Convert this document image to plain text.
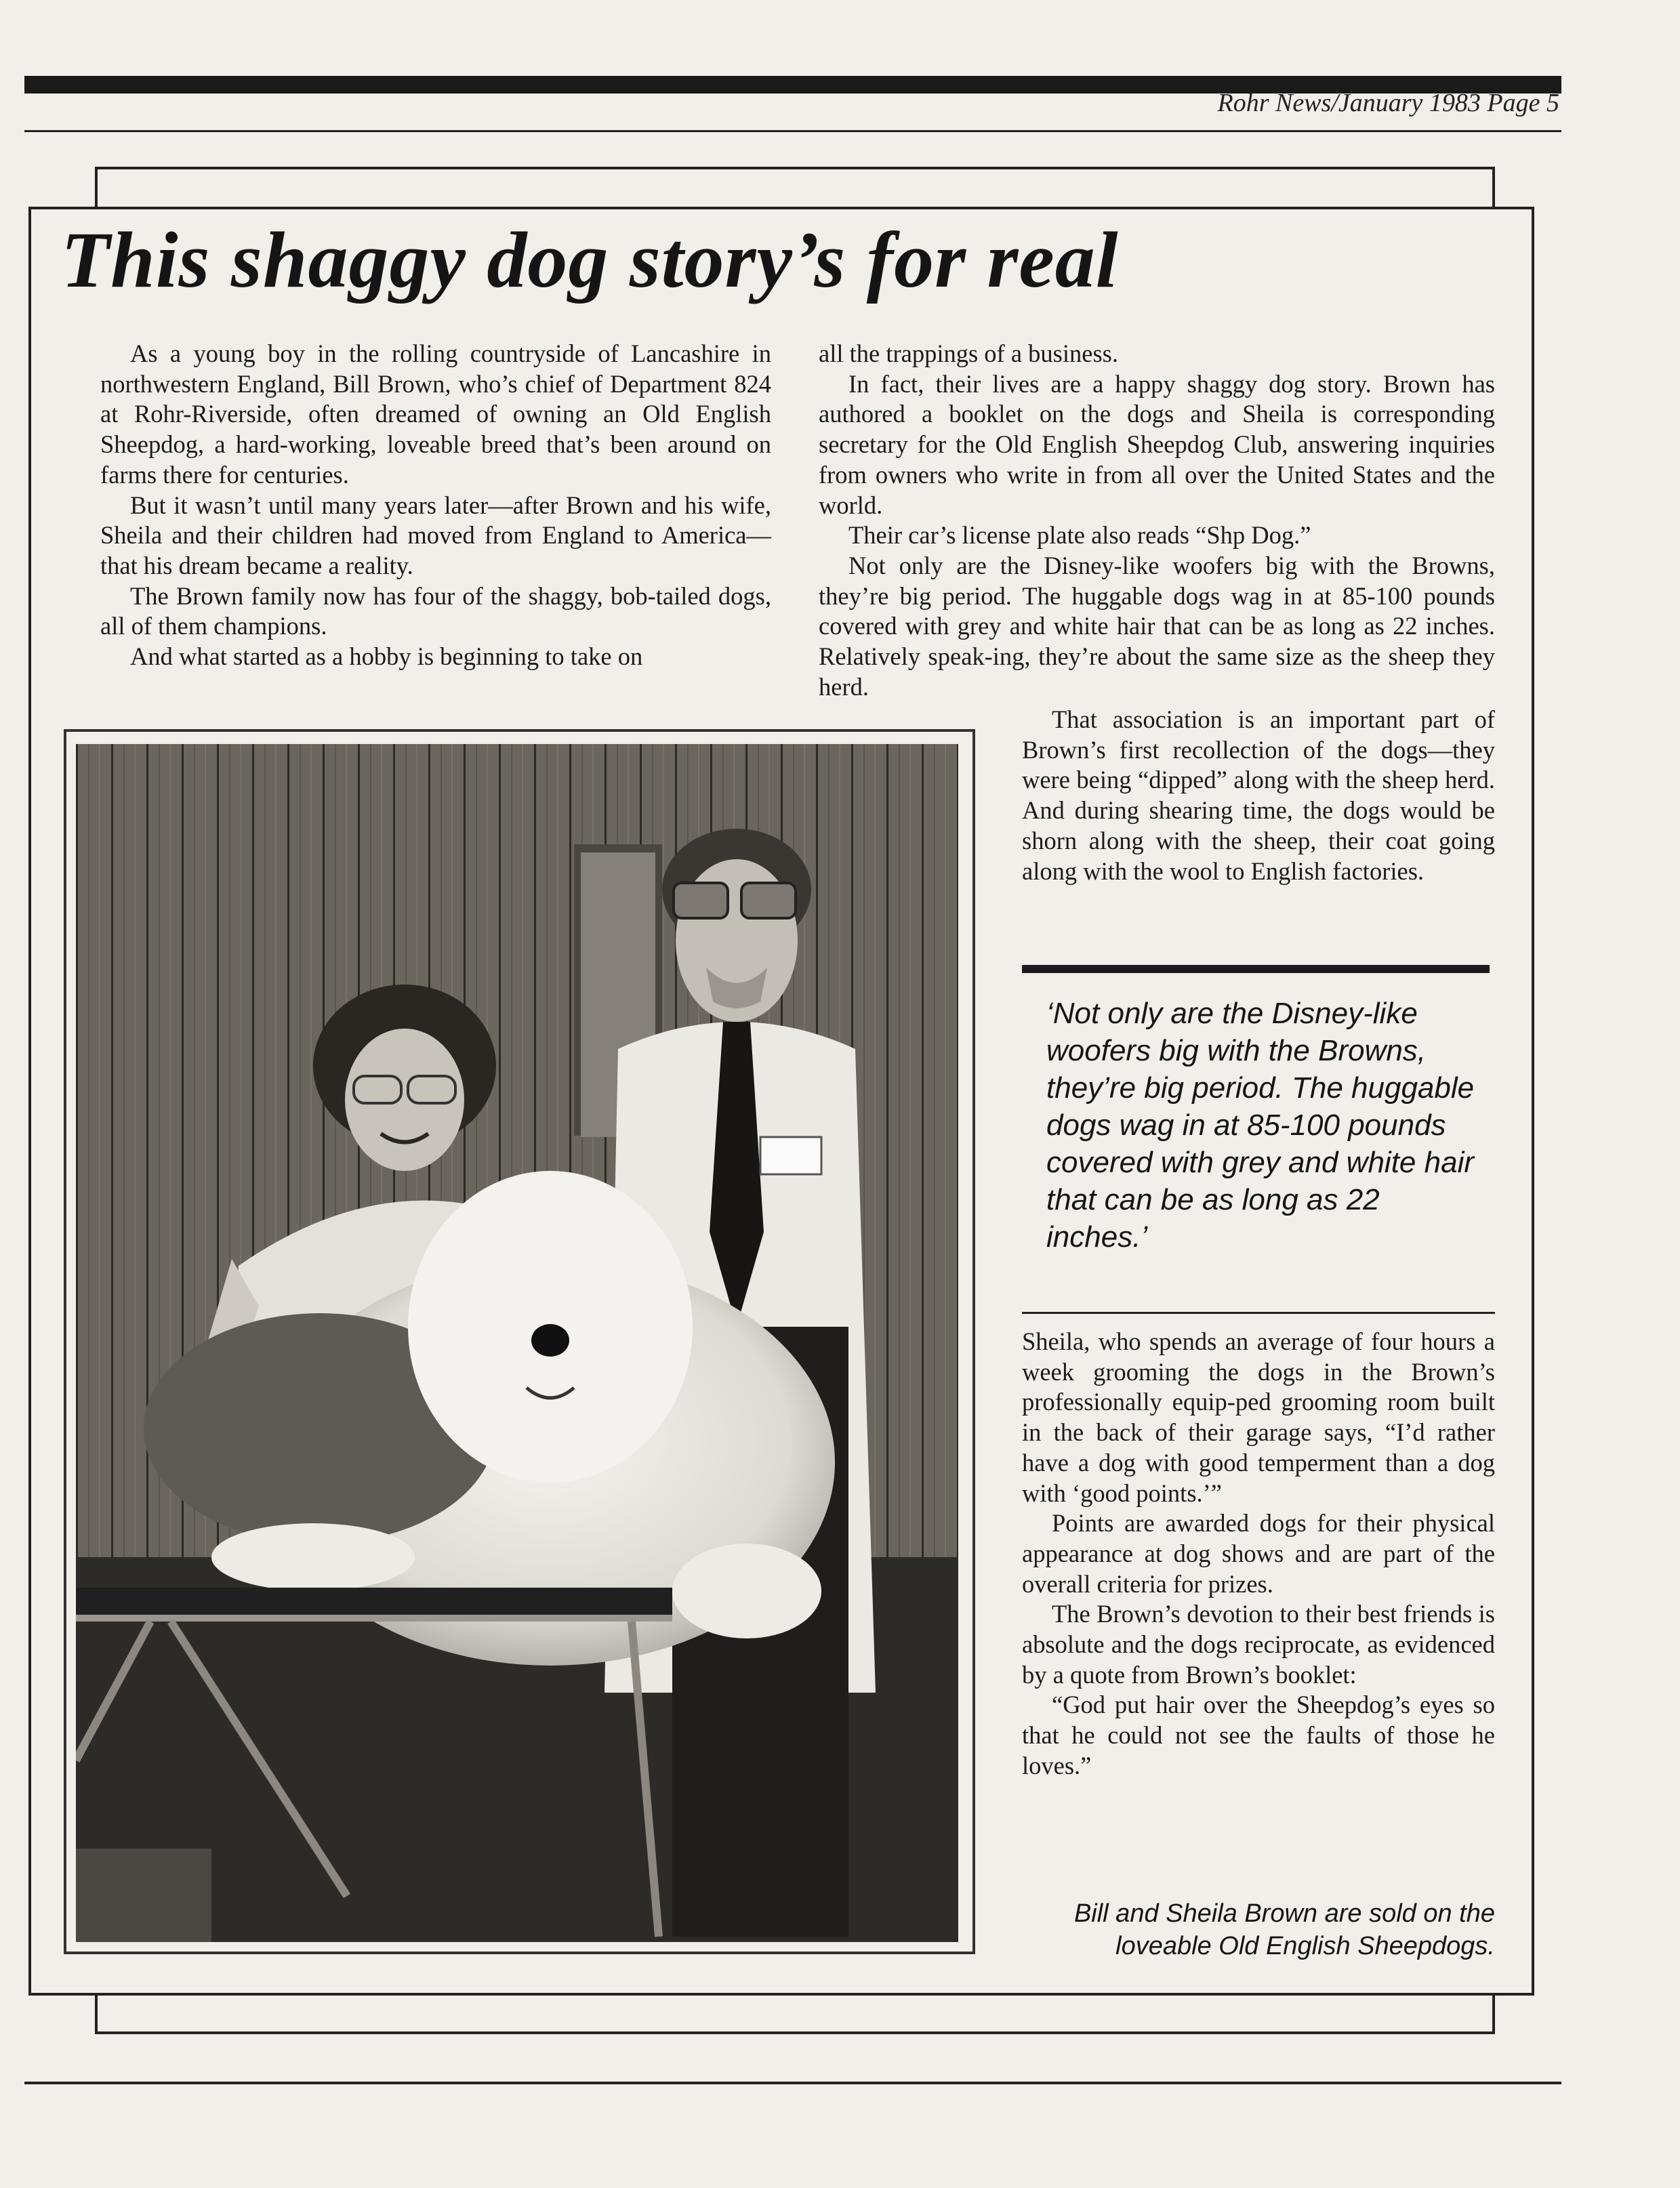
Rohr News/January 1983 Page 5
This shaggy dog story’s for real

As a young boy in the rolling countryside of Lancashire in northwestern England, Bill Brown, who’s chief of Department 824 at Rohr-Riverside, often dreamed of owning an Old English Sheepdog, a hard-working, loveable breed that’s been around on farms there for centuries.

But it wasn’t until many years later—after Brown and his wife, Sheila and their children had moved from England to America—that his dream became a reality.

The Brown family now has four of the shaggy, bob-tailed dogs, all of them champions.

And what started as a hobby is beginning to take on

all the trappings of a business.

In fact, their lives are a happy shaggy dog story. Brown has authored a booklet on the dogs and Sheila is corresponding secretary for the Old English Sheepdog Club, answering inquiries from owners who write in from all over the United States and the world.

Their car’s license plate also reads “Shp Dog.”

Not only are the Disney-like woofers big with the Browns, they’re big period. The huggable dogs wag in at 85-100 pounds covered with grey and white hair that can be as long as 22 inches. Relatively speak-ing, they’re about the same size as the sheep they herd.

That association is an important part of Brown’s first recollection of the dogs—they were being “dipped” along with the sheep herd. And during shearing time, the dogs would be shorn along with the sheep, their coat going along with the wool to English factories.

‘Not only are the Disney-like woofers big with the Browns, they’re big period. The huggable dogs wag in at 85-100 pounds covered with grey and white hair that can be as long as 22 inches.’

Sheila, who spends an average of four hours a week grooming the dogs in the Brown’s professionally equip-ped grooming room built in the back of their garage says, “I’d rather have a dog with good temperment than a dog with ‘good points.’”

Points are awarded dogs for their physical appearance at dog shows and are part of the overall criteria for prizes.

The Brown’s devotion to their best friends is absolute and the dogs reciprocate, as evidenced by a quote from Brown’s booklet:

“God put hair over the Sheepdog’s eyes so that he could not see the faults of those he loves.”

Bill and Sheila Brown are sold on the loveable Old English Sheepdogs.
